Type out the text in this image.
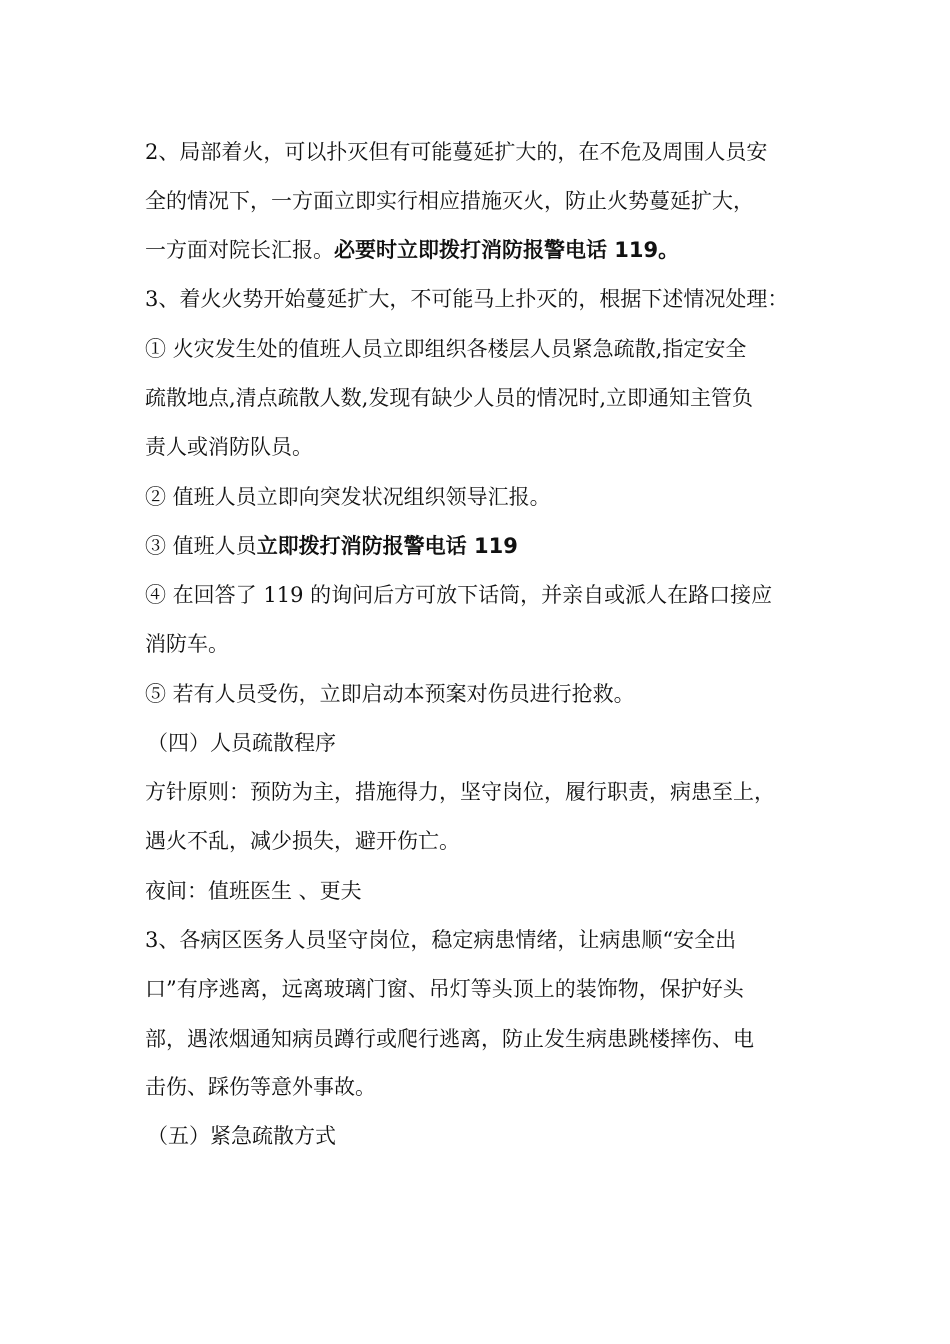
2、局部着火，可以扑灭但有可能蔓延扩大的，在不危及周围人员安
全的情况下，一方面立即实行相应措施灭火，防止火势蔓延扩大，
一方面对院长汇报。必要时立即拨打消防报警电话 119。
3、着火火势开始蔓延扩大，不可能马上扑灭的，根据下述情况处理：
① 火灾发生处的值班人员立即组织各楼层人员紧急疏散,指定安全
疏散地点,清点疏散人数,发现有缺少人员的情况时,立即通知主管负
责人或消防队员。
② 值班人员立即向突发状况组织领导汇报。
③ 值班人员立即拨打消防报警电话 119
④ 在回答了 119 的询问后方可放下话筒，并亲自或派人在路口接应
消防车。
⑤ 若有人员受伤，立即启动本预案对伤员进行抢救。
（四）人员疏散程序
方针原则：预防为主，措施得力，坚守岗位，履行职责，病患至上，
遇火不乱，减少损失，避开伤亡。
夜间：值班医生 、更夫
3、各病区医务人员坚守岗位，稳定病患情绪，让病患顺“安全出
口”有序逃离，远离玻璃门窗、吊灯等头顶上的装饰物，保护好头
部，遇浓烟通知病员蹲行或爬行逃离，防止发生病患跳楼摔伤、电
击伤、踩伤等意外事故。
（五）紧急疏散方式
